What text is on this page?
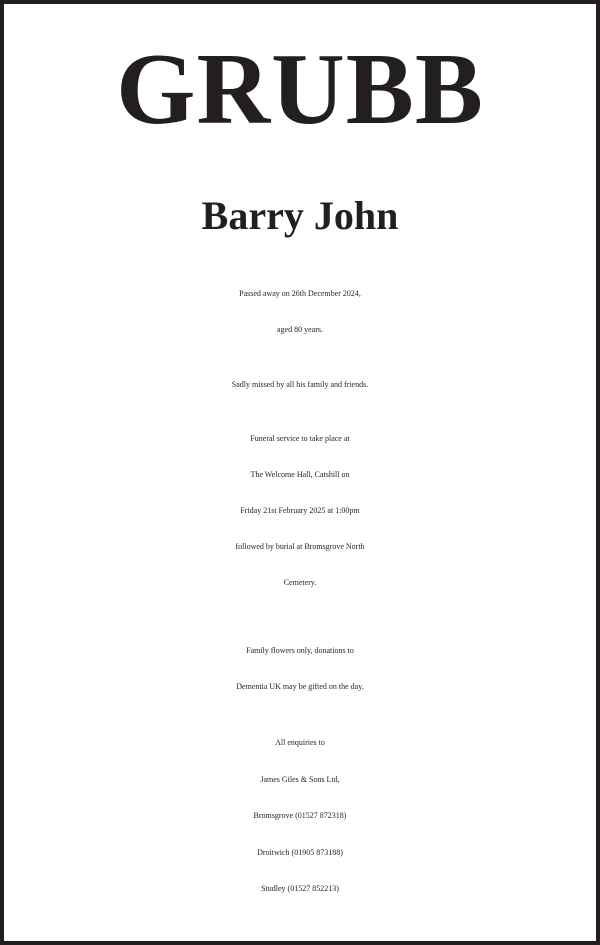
GRUBB
Barry John
Passed away on 26th December 2024,
aged 80 years.
Sadly missed by all his family and friends.
Funeral service to take place at
The Welcome Hall, Catshill on
Friday 21st February 2025 at 1:00pm
followed by burial at Bromsgrove North
Cemetery.
Family flowers only, donations to
Dementia UK may be gifted on the day.
All enquiries to
James Giles & Sons Ltd,
Bromsgrove (01527 872318)
Droitwich (01905 873188)
Studley (01527 852213)
